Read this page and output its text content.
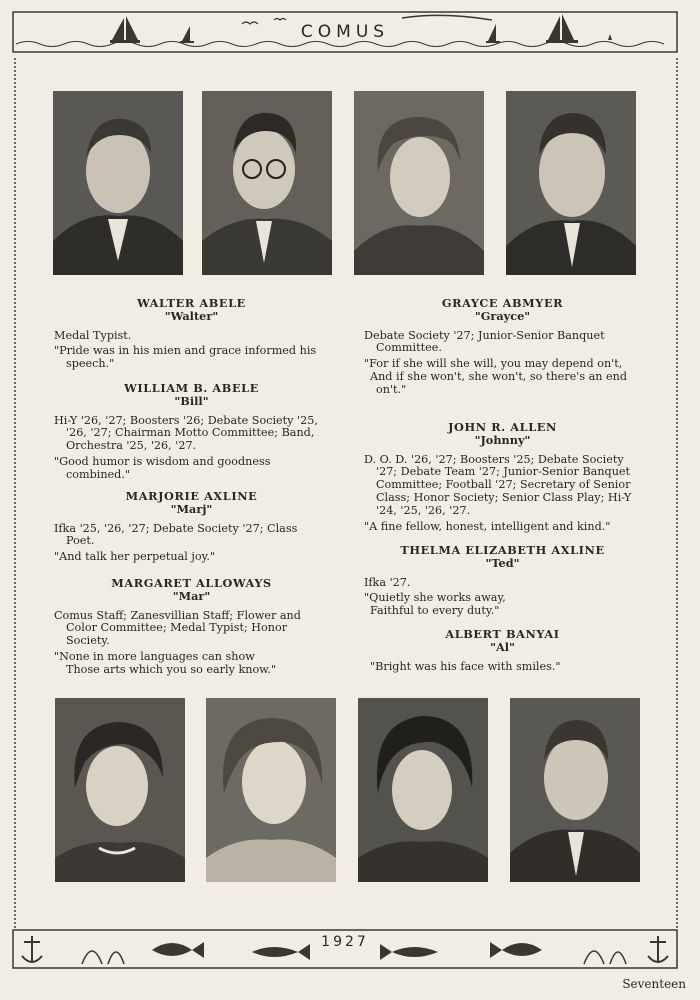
COMUS
WALTER ABELE
"Walter"
Medal Typist.
"Pride was in his mien and grace informed his speech."
WILLIAM B. ABELE
"Bill"
Hi-Y '26, '27; Boosters '26; Debate Society '25, '26, '27; Chairman Motto Committee; Band, Orchestra '25, '26, '27.
"Good humor is wisdom and goodness combined."
MARJORIE AXLINE
"Marj"
Ifka '25, '26, '27; Debate Society '27; Class Poet.
"And talk her perpetual joy."
MARGARET ALLOWAYS
"Mar"
Comus Staff; Zanesvillian Staff; Flower and Color Committee; Medal Typist; Honor Society.
"None in more languages can show
Those arts which you so early know."
GRAYCE ABMYER
"Grayce"
Debate Society '27; Junior-Senior Banquet Committee.
"For if she will she will, you may depend on't,
And if she won't, she won't, so there's an end on't."
JOHN R. ALLEN
"Johnny"
D. O. D. '26, '27; Boosters '25; Debate Society '27; Debate Team '27; Junior-Senior Banquet Committee; Football '27; Secretary of Senior Class; Honor Society; Senior Class Play; Hi-Y '24, '25, '26, '27.
"A fine fellow, honest, intelligent and kind."
THELMA ELIZABETH AXLINE
"Ted"
Ifka '27.
"Quietly she works away,
Faithful to every duty."
ALBERT BANYAI
"Al"
"Bright was his face with smiles."
1927
Seventeen
